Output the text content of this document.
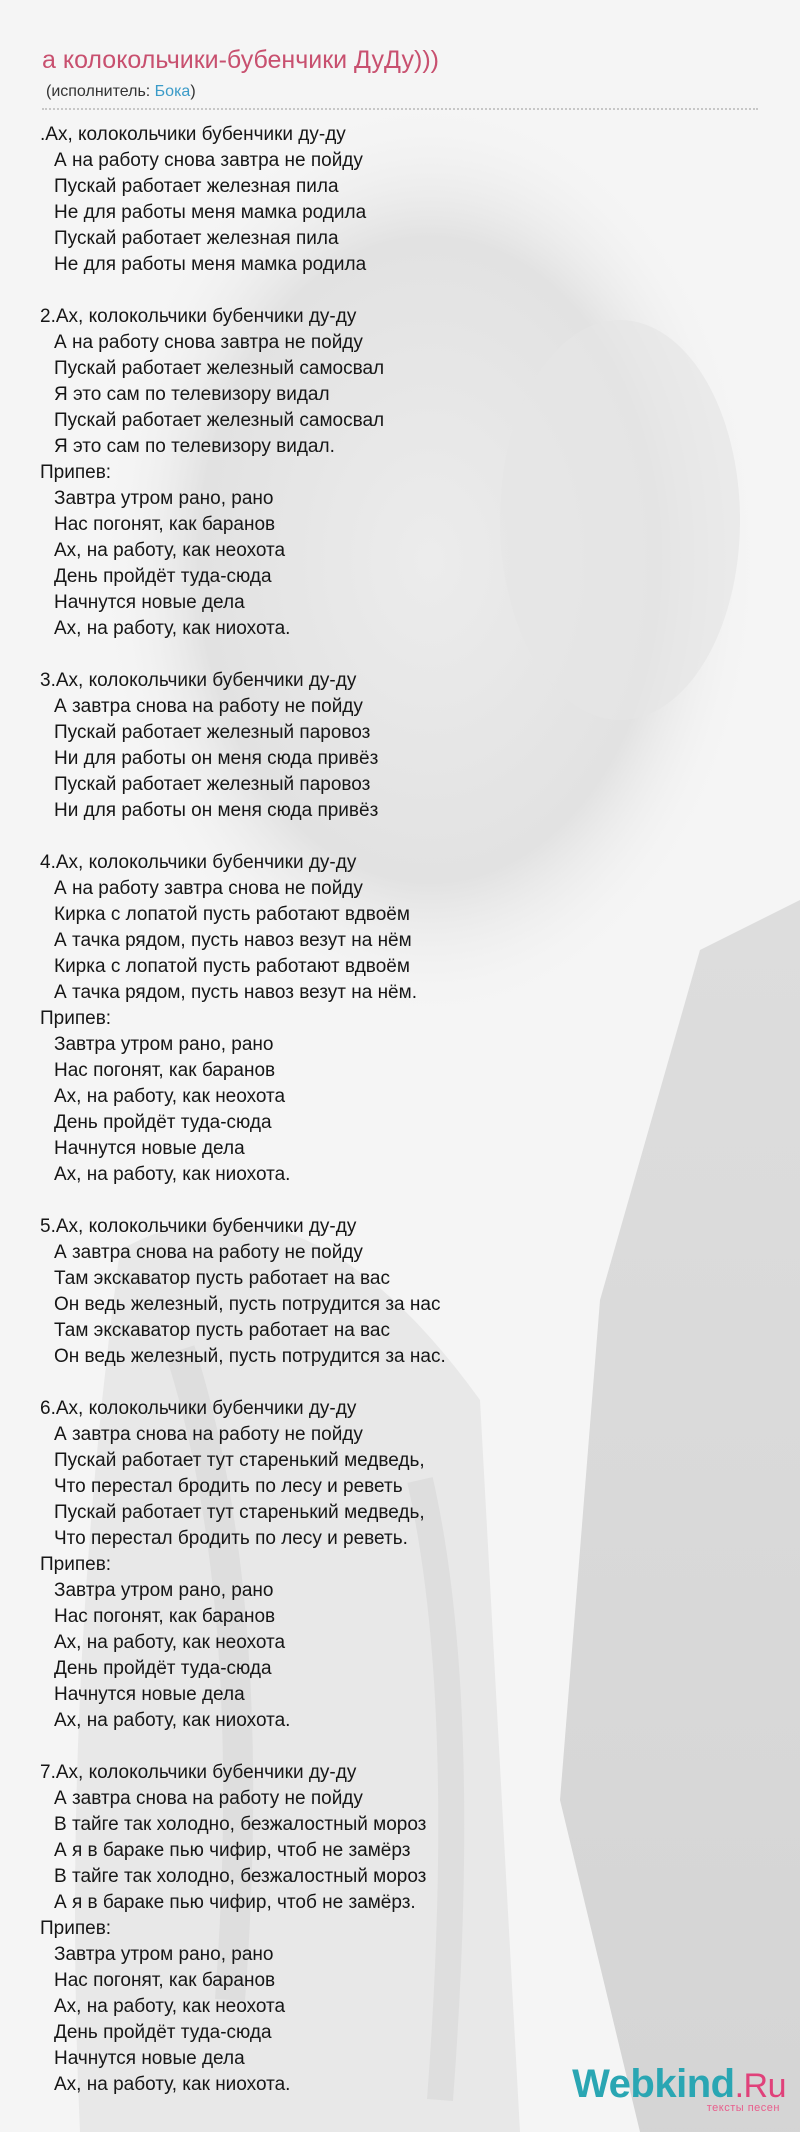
а колокольчики-бубенчики ДуДу)))
(исполнитель: Бока)
.Ах, колокольчики бубенчики ду-ду
А на работу снова завтра не пойду
Пускай работает железная пила
Не для работы меня мамка родила
Пускай работает железная пила
Не для работы меня мамка родила
2.Ах, колокольчики бубенчики ду-ду
А на работу снова завтра не пойду
Пускай работает железный самосвал
Я это сам по телевизору видал
Пускай работает железный самосвал
Я это сам по телевизору видал.
Припев:
Завтра утром рано, рано
Нас погонят, как баранов
Ах, на работу, как неохота
День пройдёт туда-сюда
Начнутся новые дела
Ах, на работу, как ниохота.
3.Ах, колокольчики бубенчики ду-ду
А завтра снова на работу не пойду
Пускай работает железный паровоз
Ни для работы он меня сюда привёз
Пускай работает железный паровоз
Ни для работы он меня сюда привёз
4.Ах, колокольчики бубенчики ду-ду
А на работу завтра снова не пойду
Кирка с лопатой пусть работают вдвоём
А тачка рядом, пусть навоз везут на нём
Кирка с лопатой пусть работают вдвоём
А тачка рядом, пусть навоз везут на нём.
Припев:
Завтра утром рано, рано
Нас погонят, как баранов
Ах, на работу, как неохота
День пройдёт туда-сюда
Начнутся новые дела
Ах, на работу, как ниохота.
5.Ах, колокольчики бубенчики ду-ду
А завтра снова на работу не пойду
Там экскаватор пусть работает на вас
Он ведь железный, пусть потрудится за нас
Там экскаватор пусть работает на вас
Он ведь железный, пусть потрудится за нас.
6.Ах, колокольчики бубенчики ду-ду
А завтра снова на работу не пойду
Пускай работает тут старенький медведь,
Что перестал бродить по лесу и реветь
Пускай работает тут старенький медведь,
Что перестал бродить по лесу и реветь.
Припев:
Завтра утром рано, рано
Нас погонят, как баранов
Ах, на работу, как неохота
День пройдёт туда-сюда
Начнутся новые дела
Ах, на работу, как ниохота.
7.Ах, колокольчики бубенчики ду-ду
А завтра снова на работу не пойду
В тайге так холодно, безжалостный мороз
А я в бараке пью чифир, чтоб не замёрз
В тайге так холодно, безжалостный мороз
А я в бараке пью чифир, чтоб не замёрз.
Припев:
Завтра утром рано, рано
Нас погонят, как баранов
Ах, на работу, как неохота
День пройдёт туда-сюда
Начнутся новые дела
Ах, на работу, как ниохота.	Webkind.Ru
тексты песен
